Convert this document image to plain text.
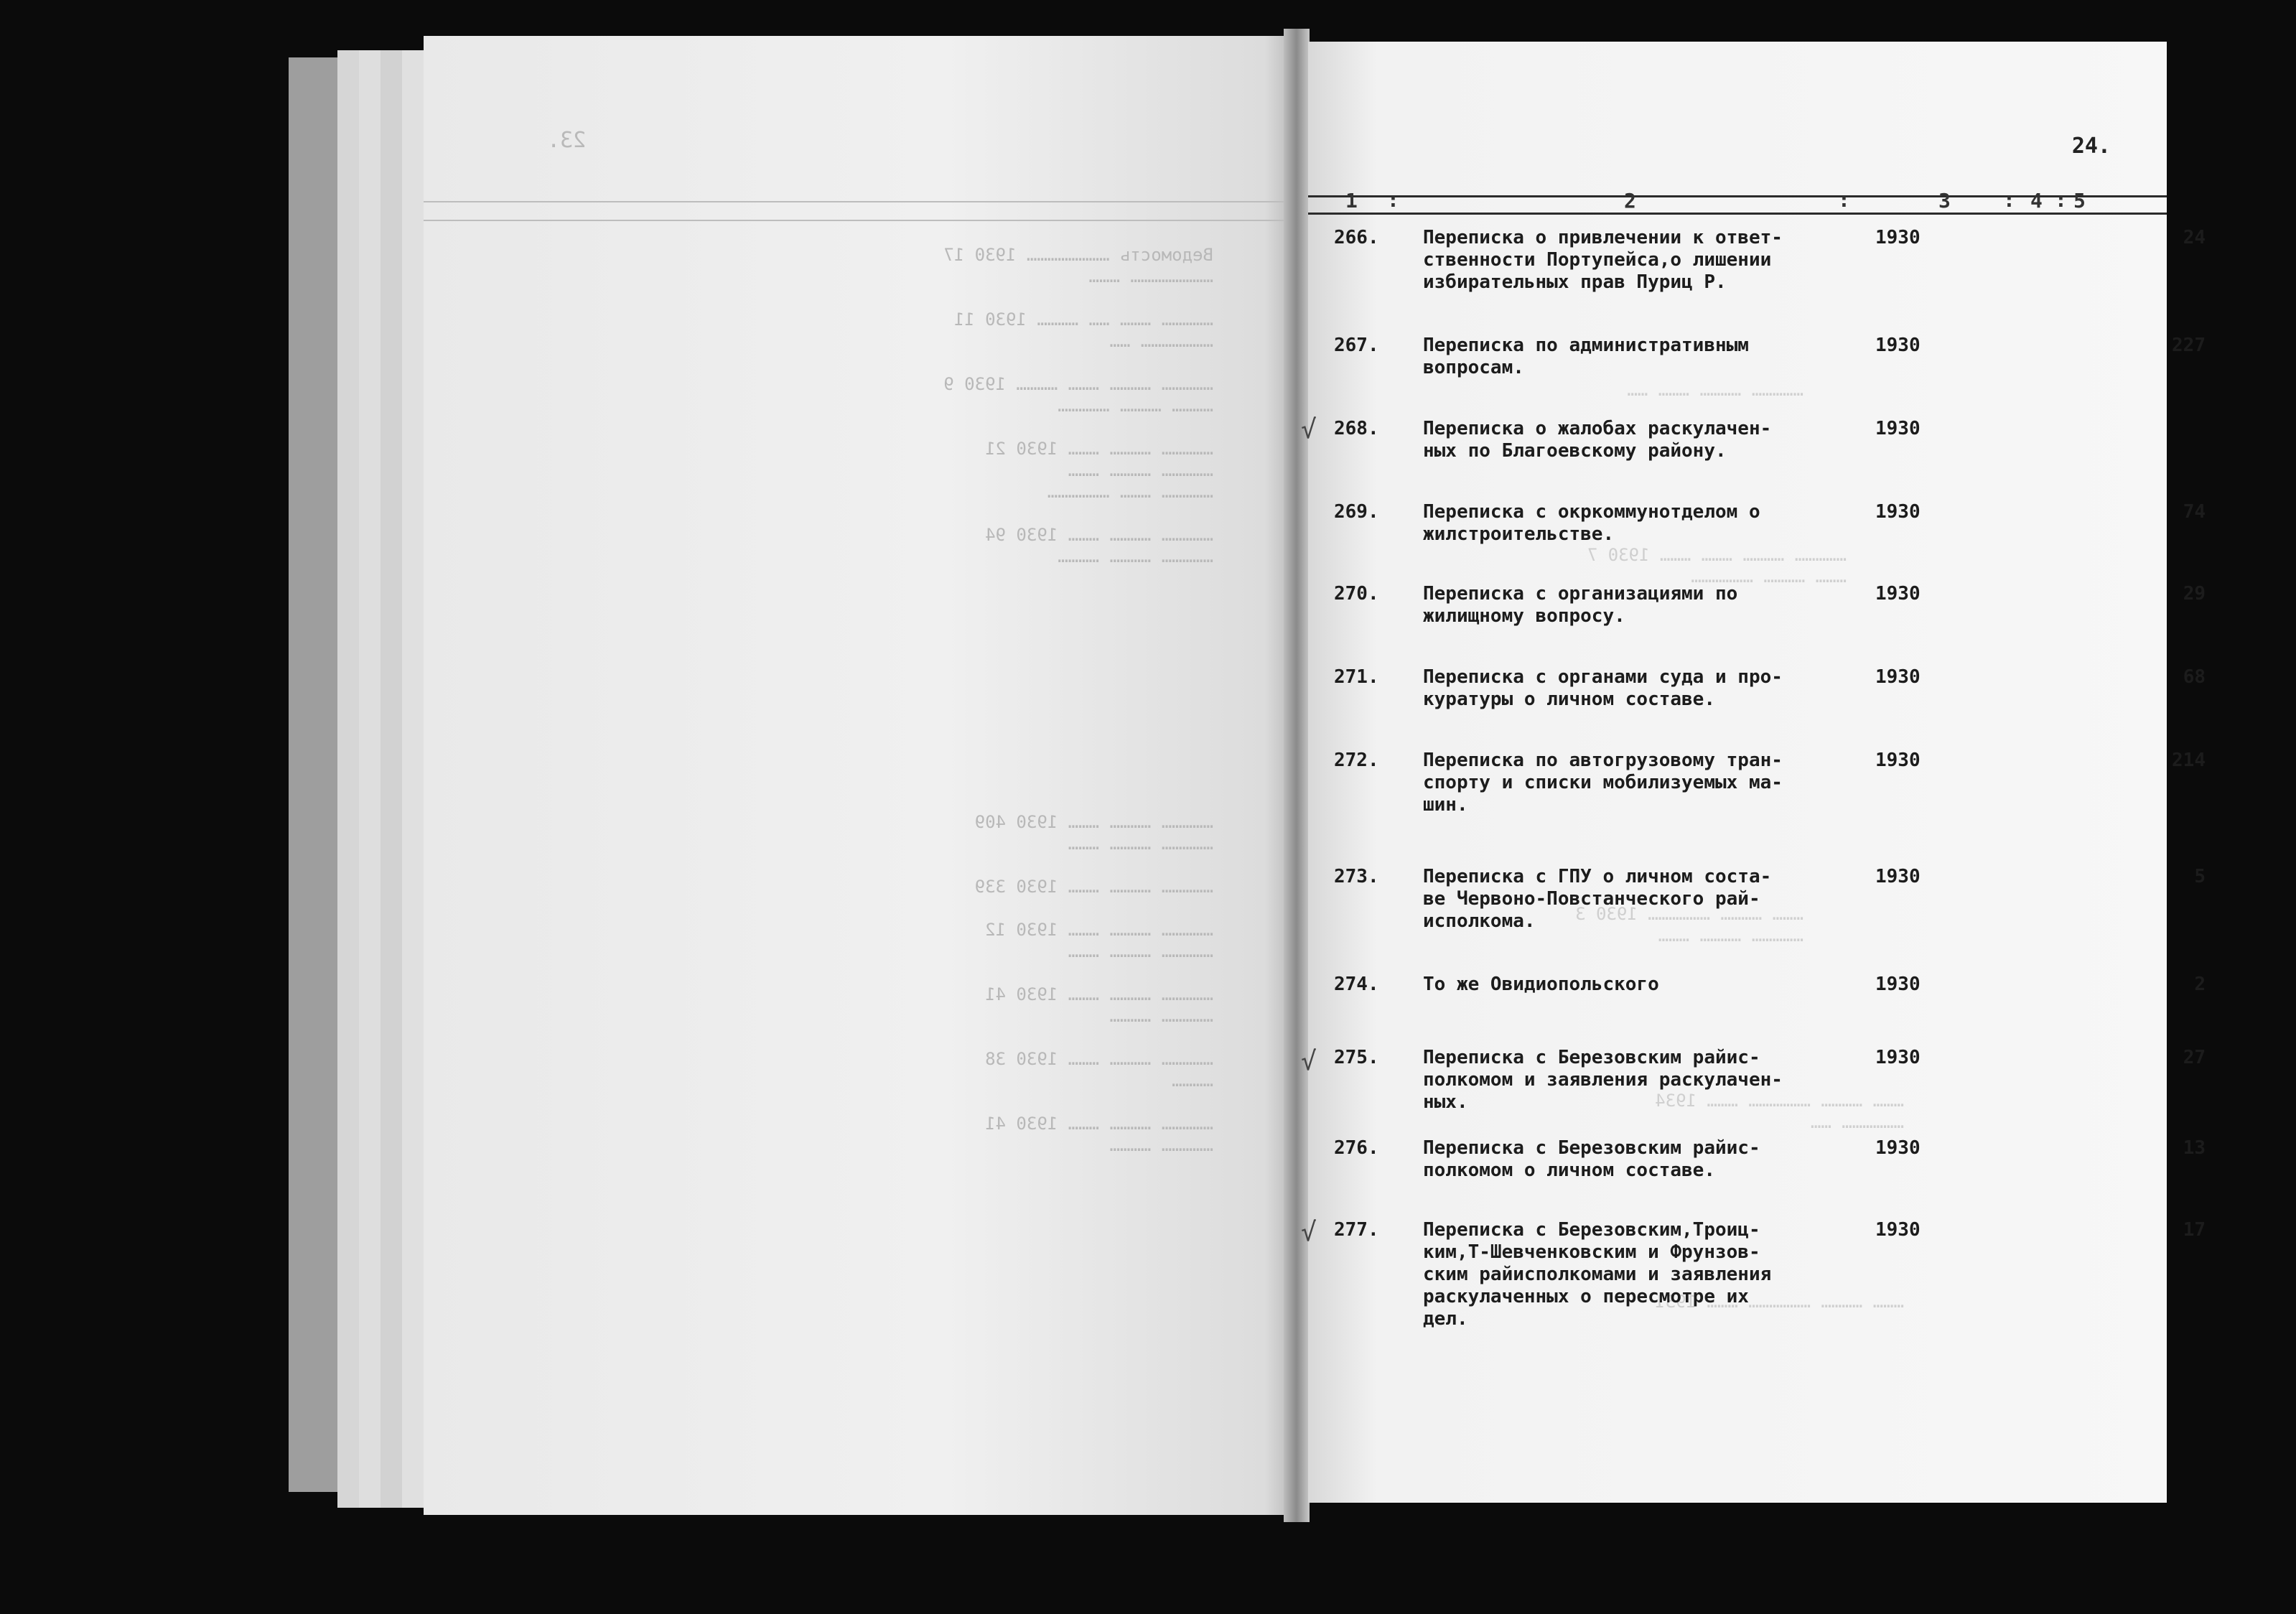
23.
Ведомость …………………… 1930 17
…………………… ………

…………… ……… …… ………… 1930 11
………………… ……

…………… ………… ……… ………… 1930 9
………… ………… ……………

…………… ………… ……… 1930 21
…………… ………… ………
…………… ……… ………………

…………… ………… ……… 1930 94
…………… ………… …………
…………… ………… ……… 1930 409
…………… ………… ………

…………… ………… ……… 1930 339

…………… ………… ……… 1930 12
…………… ………… ………

…………… ………… ……… 1930 41
…………… …………

…………… ………… ……… 1930 38
…………

…………… ………… ……… 1930 41
…………… …………
24.
1 :	2	:	3	: 4 : 5
…………… ………… ……… ……
…………… ………… ……… ……… 1930 7
……… ………… ………………
……… ………… ……………… 1930 3
…………… ………… ………
……… ………… ……………… ……… 1934
……………… ……
……… ………… ……………… ……… 1931
√
√
√
266.	Переписка о привлечении к ответ-
ственности Портупейса,о лишении
избирательных прав Пуриц Р.
1930	24
267.	Переписка по административным
вопросам.
1930	227
268.	Переписка о жалобах раскулачен-
ных по Благоевскому району.
1930
269.	Переписка с окркоммунотделом о
жилстроительстве.
1930	74
270.	Переписка с организациями по
жилищному вопросу.
1930	29
271.	Переписка с органами суда и про-
куратуры о личном составе.
1930	68
272.	Переписка по автогрузовому тран-
спорту и списки мобилизуемых ма-
шин.
1930	214
273.	Переписка с ГПУ о личном соста-
ве Червоно-Повстанческого рай-
исполкома.
1930	5
274.	То же Овидиопольского	1930	2
275.	Переписка с Березовским райис-
полкомом и заявления раскулачен-
ных.
1930	27
276.	Переписка с Березовским райис-
полкомом о личном составе.
1930	13
277.	Переписка с Березовским,Троиц-
ким,Т-Шевченковским и Фрунзов-
ским райисполкомами и заявления
раскулаченных о пересмотре их
дел.
1930	17
